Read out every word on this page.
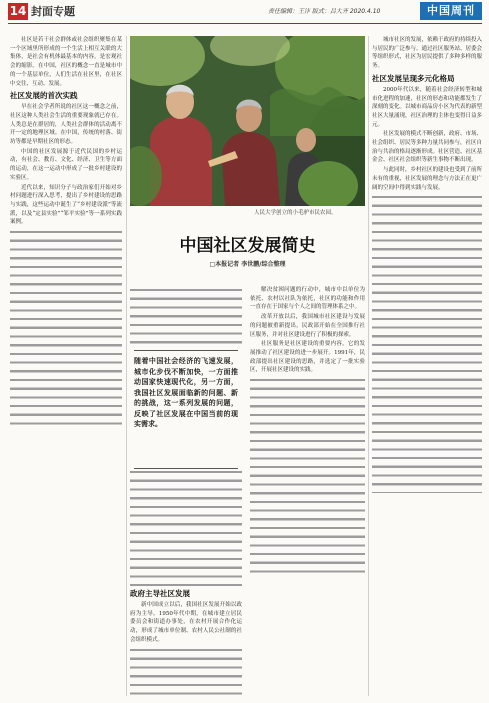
14 封面专题	责任编辑：王沣 版式：吕大齐 2020.4.10	中国周刊

社区是若干社会群体或社会组织聚集在某一个区域里所形成的一个生活上相互关联的大集体，是社会有机体最基本的内容，是宏观社会的缩影。在中国，社区的概念一直是城市中的一个基层单位，人们生活在社区里，在社区中交往、互动、发展。

社区发展的首次实践

早在社会学者所说的社区这一概念之前，社区这种人类社会生活的重要现象就已存在。人类总是在群居的，人类社会群体的活动离不开一定的地理区域。在中国，传统的村落、街坊等都是早期社区的形态。

中国的社区发展源于近代民国的乡村运动，有社会、教育、文化、经济、卫生等方面的运动，在这一运动中形成了一批乡村建设的实验区。

近代以来，知识分子与政治家们开始对乡村问题进行深入思考，提出了乡村建设的思路与实践，这些运动中诞生了“乡村建设派”等流派，以及“定县实验”“邹平实验”等一系列实践案例。

人民大学创立的小毛驴市民农园。
中国社区发展简史
□本报记者 李世鹏/综合整理
政府主导社区发展

新中国成立以后，我国社区发展开始以政府为主导。1950年代中期，在城市建立居民委员会和街道办事处，在农村开展合作化运动，形成了城市单位制、农村人民公社制的社会组织模式。

随着中国社会经济的飞速发展，城市化步伐不断加快，一方面推动国家快速现代化，另一方面，我国社区发展面临新的问题、新的挑战，这一系列发展的问题，反映了社区发展在中国当前的现实需求。

解决贫困问题的行动中，城市中以单位为依托、农村以社队为依托，社区的功能和作用一直存在于国家与个人之间的管理体系之中。

改革开放以后，我国城市社区建设与发展的问题被重新提出，民政部开始在全国推行社区服务，并对社区建设进行了积极的探索。

社区服务是社区建设的重要内容，它的发展推动了社区建设的进一步展开。1991年，民政部提出社区建设的思路，并选定了一批实验区，开展社区建设的实践。

城市社区的发展，依赖于政府的持续投入与居民的广泛参与。通过社区服务站、居委会等组织形式，社区为居民提供了多种多样的服务。

社区发展呈现多元化格局

2000年代以来，随着社会经济转型和城市化进程的加速，社区的形态和功能都发生了深刻的变化。以城市商品房小区为代表的新型社区大量涌现，社区治理的主体也变得日益多元。

社区发展的模式不断创新，政府、市场、社会组织、居民等多种力量共同参与，社区自治与共治的格局逐渐形成。社区营造、社区基金会、社区社会组织等新生事物不断出现。

与此同时，乡村社区的建设也受到了前所未有的重视，社区发展的理念与方法正在更广阔的空间中得到实践与发展。
